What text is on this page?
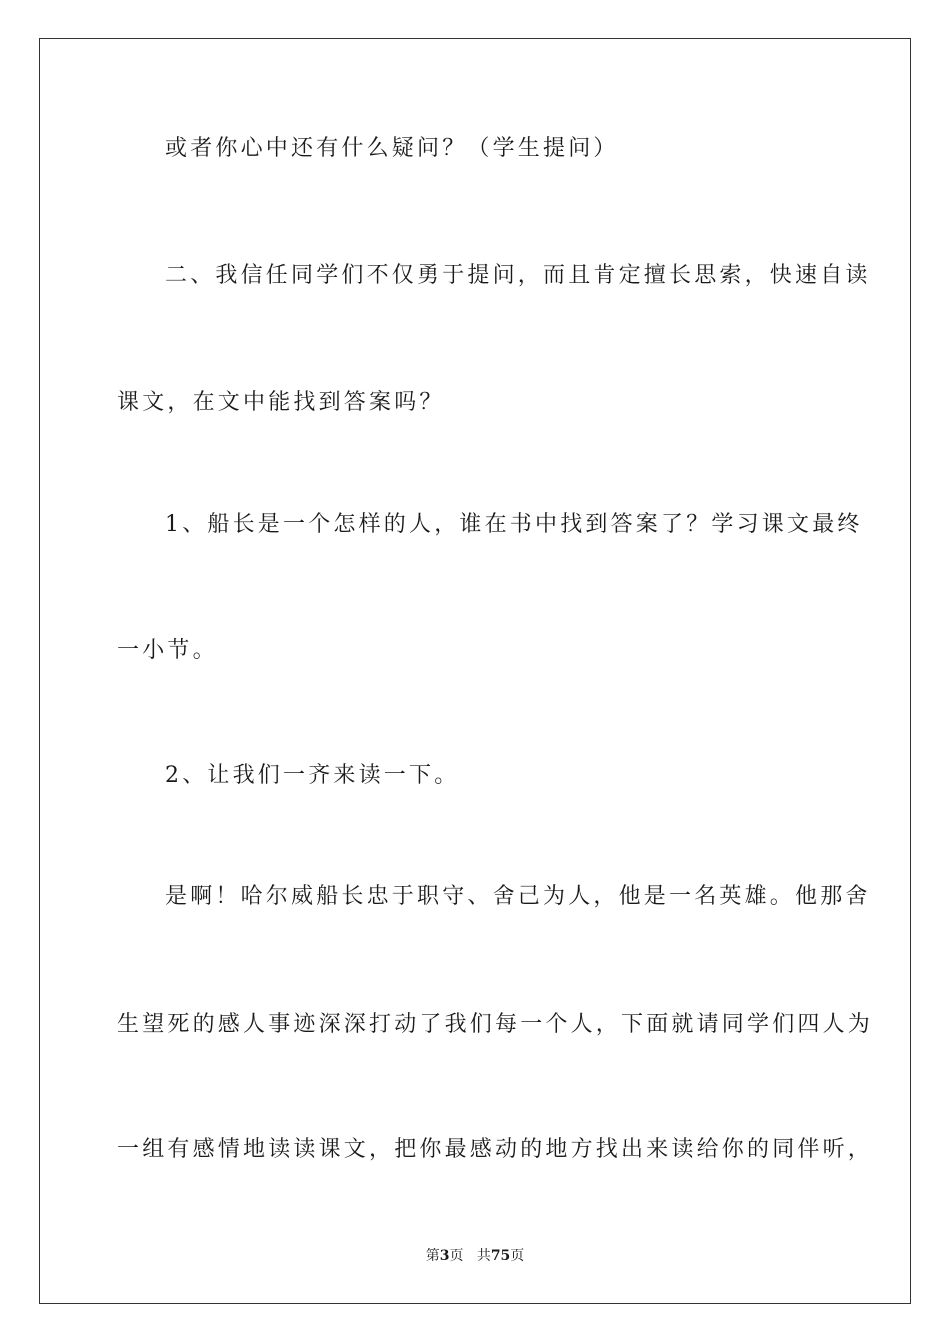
或者你心中还有什么疑问？（学生提问）
二、我信任同学们不仅勇于提问，而且肯定擅长思索，快速自读
课文，在文中能找到答案吗？
1、船长是一个怎样的人，谁在书中找到答案了？学习课文最终
一小节。
2、让我们一齐来读一下。
是啊！哈尔威船长忠于职守、舍己为人，他是一名英雄。他那舍
生望死的感人事迹深深打动了我们每一个人，下面就请同学们四人为
一组有感情地读读课文，把你最感动的地方找出来读给你的同伴听，
第3页 共75页
